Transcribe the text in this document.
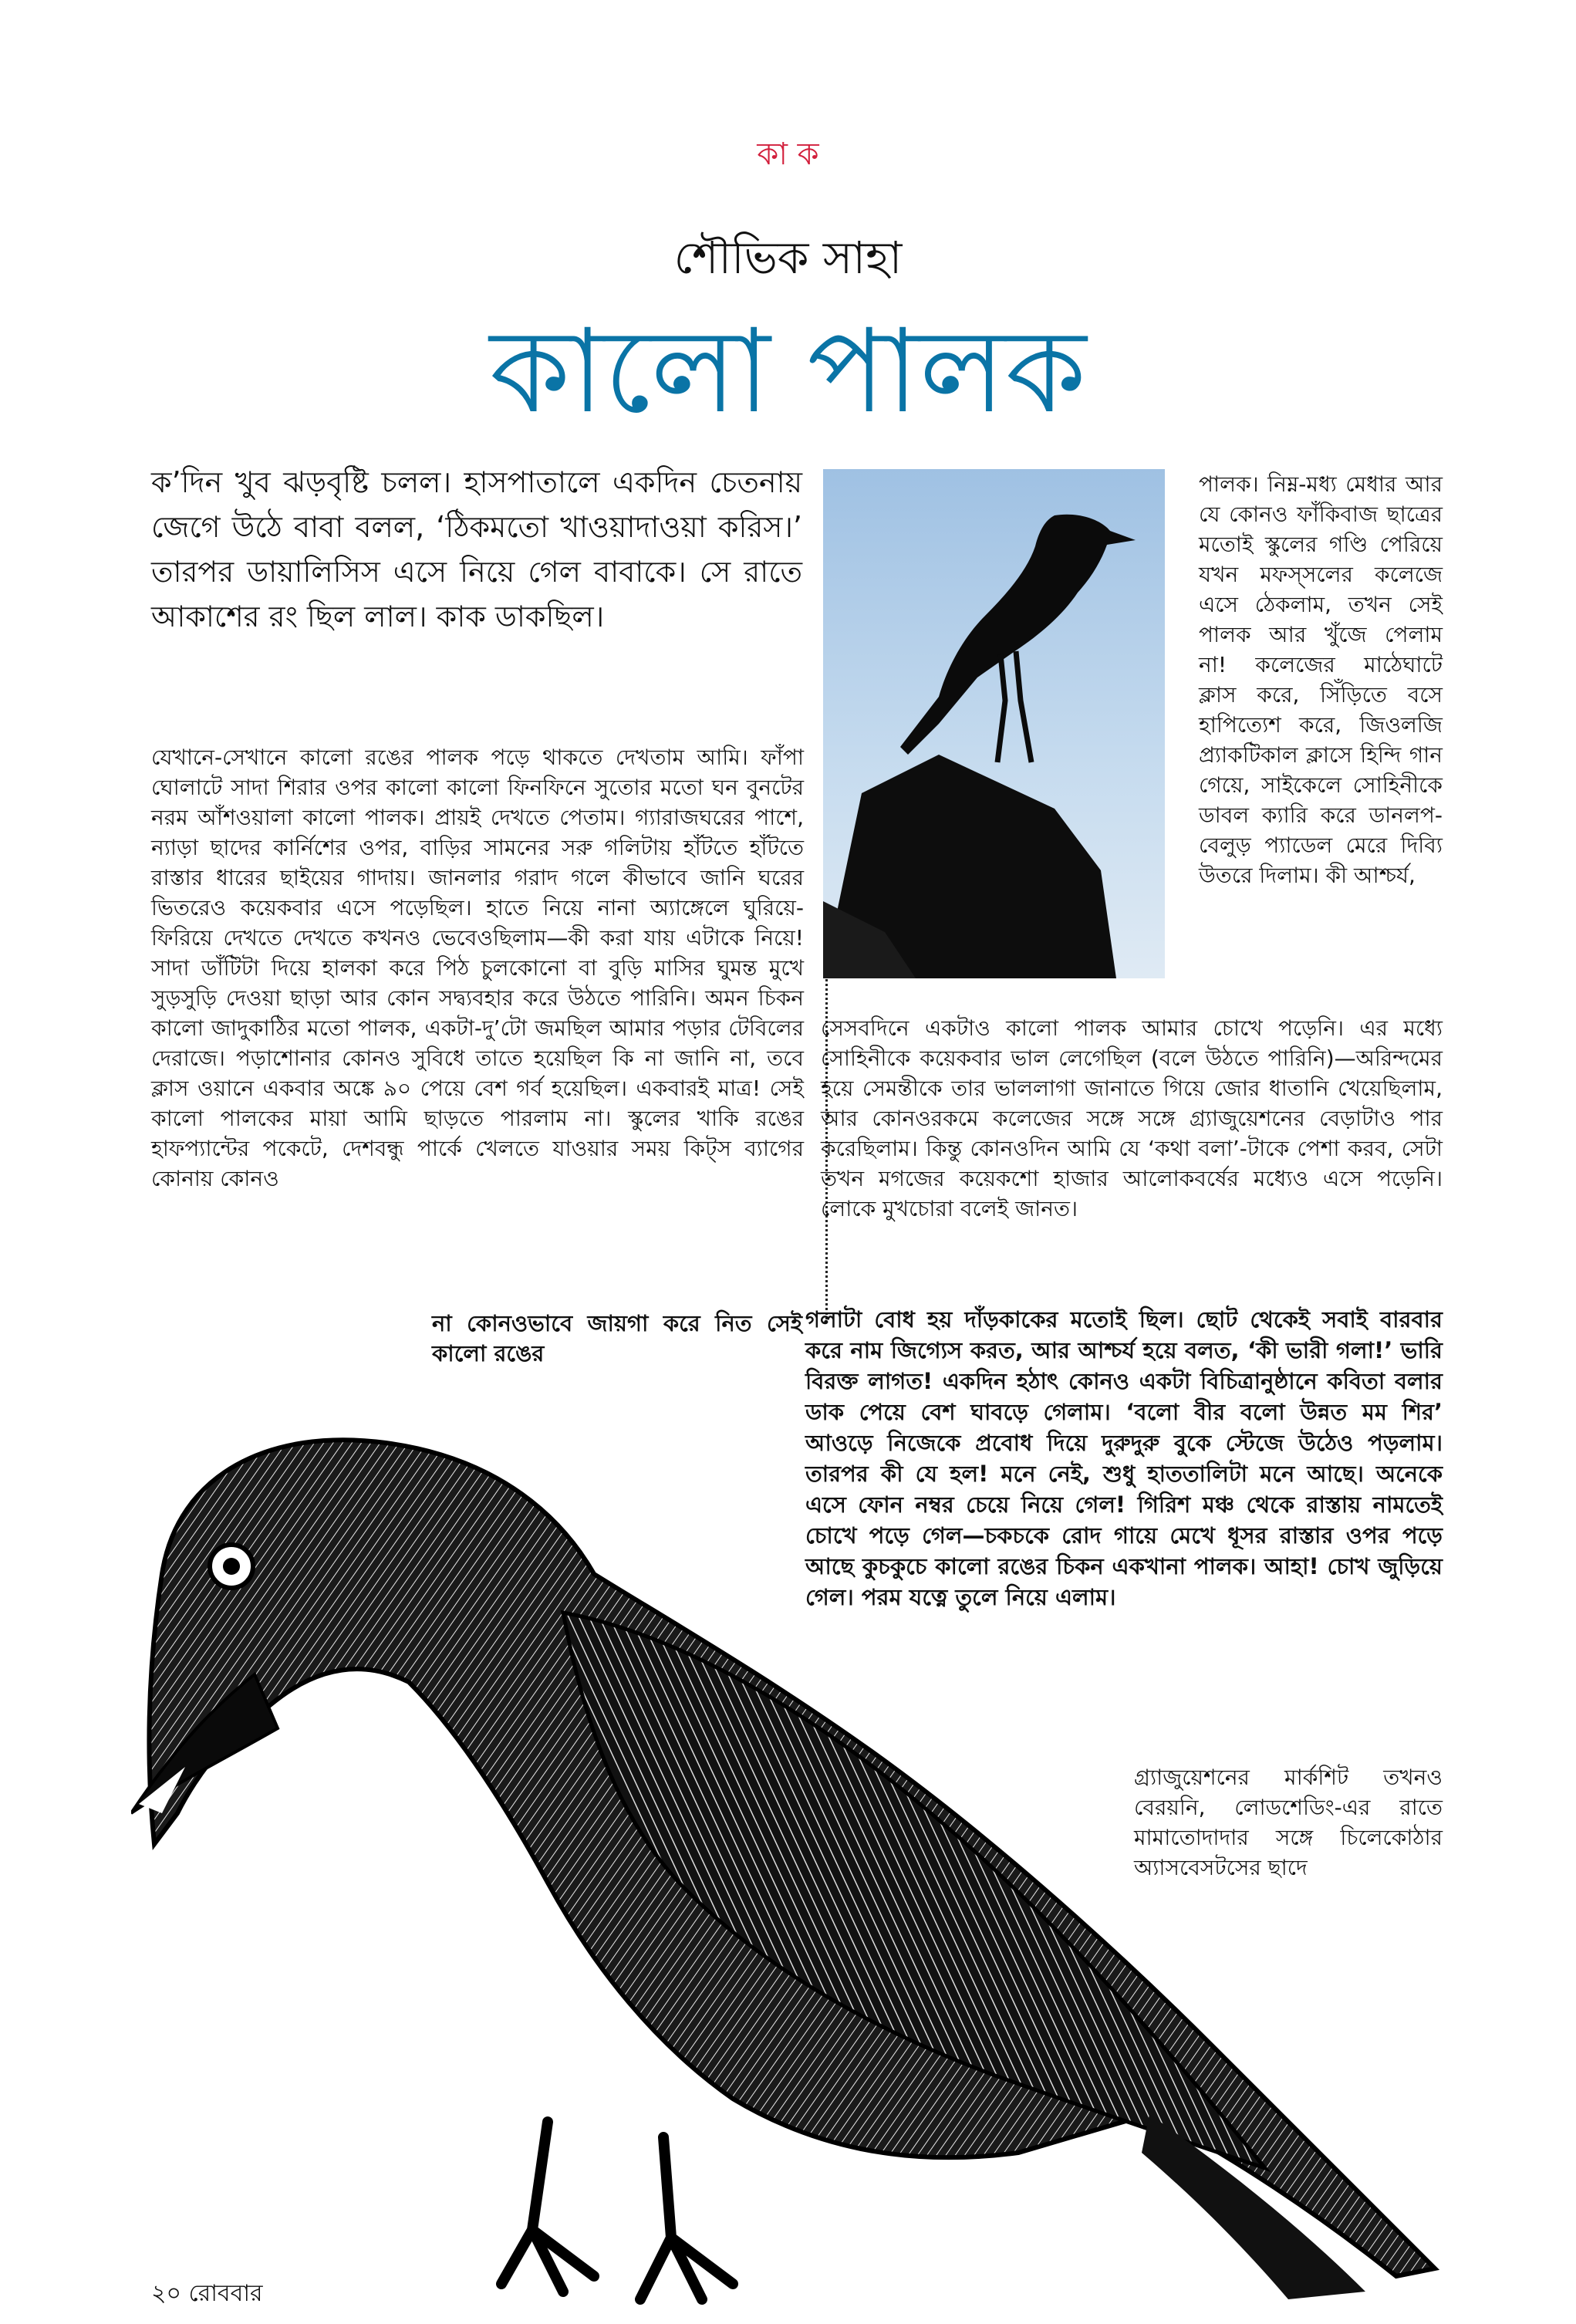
কা ক
শৌভিক সাহা
কালো পালক
ক’দিন খুব ঝড়বৃষ্টি চলল। হাসপাতালে একদিন চেতনায় জেগে উঠে বাবা বলল, ‘ঠিকমতো খাওয়াদাওয়া করিস।’ তারপর ডায়ালিসিস এসে নিয়ে গেল বাবাকে। সে রাতে আকাশের রং ছিল লাল। কাক ডাকছিল।
যেখানে-সেখানে কালো রঙের পালক পড়ে থাকতে দেখতাম আমি। ফাঁপা ঘোলাটে সাদা শিরার ওপর কালো কালো ফিনফিনে সুতোর মতো ঘন বুনটের নরম আঁশওয়ালা কালো পালক। প্রায়ই দেখতে পেতাম। গ্যারাজঘরের পাশে, ন্যাড়া ছাদের কার্নিশের ওপর, বাড়ির সামনের সরু গলিটায় হাঁটতে হাঁটতে রাস্তার ধারের ছাইয়ের গাদায়। জানলার গরাদ গলে কীভাবে জানি ঘরের ভিতরেও কয়েকবার এসে পড়েছিল। হাতে নিয়ে নানা অ্যাঙ্গেলে ঘুরিয়ে-ফিরিয়ে দেখতে দেখতে কখনও ভেবেওছিলাম—কী করা যায় এটাকে নিয়ে! সাদা ডাঁটিটা দিয়ে হালকা করে পিঠ চুলকোনো বা বুড়ি মাসির ঘুমন্ত মুখে সুড়সুড়ি দেওয়া ছাড়া আর কোন সদ্ব্যবহার করে উঠতে পারিনি। অমন চিকন কালো জাদুকাঠির মতো পালক, একটা-দু’টো জমছিল আমার পড়ার টেবিলের দেরাজে। পড়াশোনার কোনও সুবিধে তাতে হয়েছিল কি না জানি না, তবে ক্লাস ওয়ানে একবার অঙ্কে ৯০ পেয়ে বেশ গর্ব হয়েছিল। একবারই মাত্র! সেই কালো পালকের মায়া আমি ছাড়তে পারলাম না। স্কুলের খাকি রঙের হাফপ্যান্টের পকেটে, দেশবন্ধু পার্কে খেলতে যাওয়ার সময় কিট্স ব্যাগের কোনায় কোনও
না কোনওভাবে জায়গা করে নিত সেই কালো রঙের
পালক। নিম্ন-মধ্য মেধার আর যে কোনও ফাঁকিবাজ ছাত্রের মতোই স্কুলের গণ্ডি পেরিয়ে যখন মফস্সলের কলেজে এসে ঠেকলাম, তখন সেই পালক আর খুঁজে পেলাম না! কলেজের মাঠেঘাটে ক্লাস করে, সিঁড়িতে বসে হাপিত্যেশ করে, জিওলজি প্র্যাকটিকাল ক্লাসে হিন্দি গান গেয়ে, সাইকেলে সোহিনীকে ডাবল ক্যারি করে ডানলপ-বেলুড় প্যাডেল মেরে দিব্যি উতরে দিলাম। কী আশ্চর্য,
সেসবদিনে একটাও কালো পালক আমার চোখে পড়েনি। এর মধ্যে সোহিনীকে কয়েকবার ভাল লেগেছিল (বলে উঠতে পারিনি)—অরিন্দমের হয়ে সেমন্তীকে তার ভাললাগা জানাতে গিয়ে জোর ধাতানি খেয়েছিলাম, আর কোনওরকমে কলেজের সঙ্গে সঙ্গে গ্র্যাজুয়েশনের বেড়াটাও পার করেছিলাম। কিন্তু কোনওদিন আমি যে ‘কথা বলা’-টাকে পেশা করব, সেটা তখন মগজের কয়েকশো হাজার আলোকবর্ষের মধ্যেও এসে পড়েনি। লোকে মুখচোরা বলেই জানত।
গলাটা বোধ হয় দাঁড়কাকের মতোই ছিল। ছোট থেকেই সবাই বারবার করে নাম জিগ্যেস করত, আর আশ্চর্য হয়ে বলত, ‘কী ভারী গলা!’ ভারি বিরক্ত লাগত! একদিন হঠাৎ কোনও একটা বিচিত্রানুষ্ঠানে কবিতা বলার ডাক পেয়ে বেশ ঘাবড়ে গেলাম। ‘বলো বীর বলো উন্নত মম শির’ আওড়ে নিজেকে প্রবোধ দিয়ে দুরুদুরু বুকে স্টেজে উঠেও পড়লাম। তারপর কী যে হল! মনে নেই, শুধু হাততালিটা মনে আছে। অনেকে এসে ফোন নম্বর চেয়ে নিয়ে গেল! গিরিশ মঞ্চ থেকে রাস্তায় নামতেই চোখে পড়ে গেল—চকচকে রোদ গায়ে মেখে ধূসর রাস্তার ওপর পড়ে আছে কুচকুচে কালো রঙের চিকন একখানা পালক। আহা! চোখ জুড়িয়ে গেল। পরম যত্নে তুলে নিয়ে এলাম।
গ্র্যাজুয়েশনের মার্কশিট তখনও বেরয়নি, লোডশেডিং-এর রাতে মামাতোদাদার সঙ্গে চিলেকোঠার অ্যাসবেসটসের ছাদে
২০ রোববার
